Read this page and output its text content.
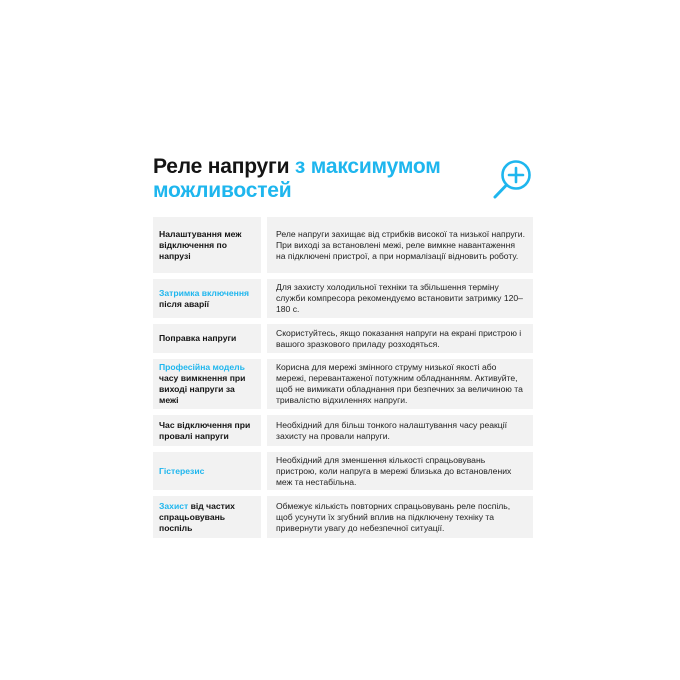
Реле напруги з максимумом можливостей
Налаштування меж відключення по напрузі
Реле напруги захищає від стрибків високої та низької напруги. При виході за встановлені межі, реле вимкне навантаження на підключені пристрої, а при нормалізації відновить роботу.
Затримка включення після аварії
Для захисту холодильної техніки та збільшення терміну служби компресора рекомендуємо встановити затримку 120–180 с.
Поправка напруги
Скористуйтесь, якщо показання напруги на екрані пристрою і вашого зразкового приладу розходяться.
Професійна модель часу вимкнення при виході напруги за межі
Корисна для мережі змінного струму низької якості або мережі, перевантаженої потужним обладнанням. Активуйте, щоб не вимикати обладнання при безпечних за величиною та тривалістю відхиленнях напруги.
Час відключення при провалі напруги
Необхідний для більш тонкого налаштування часу реакції захисту на провали напруги.
Гістерезис
Необхідний для зменшення кількості спрацьовувань пристрою, коли напруга в мережі близька до встановлених меж та нестабільна.
Захист від частих спрацьовувань поспіль
Обмежує кількість повторних спрацьовувань реле поспіль, щоб усунути їх згубний вплив на підключену техніку та привернути увагу до небезпечної ситуації.
